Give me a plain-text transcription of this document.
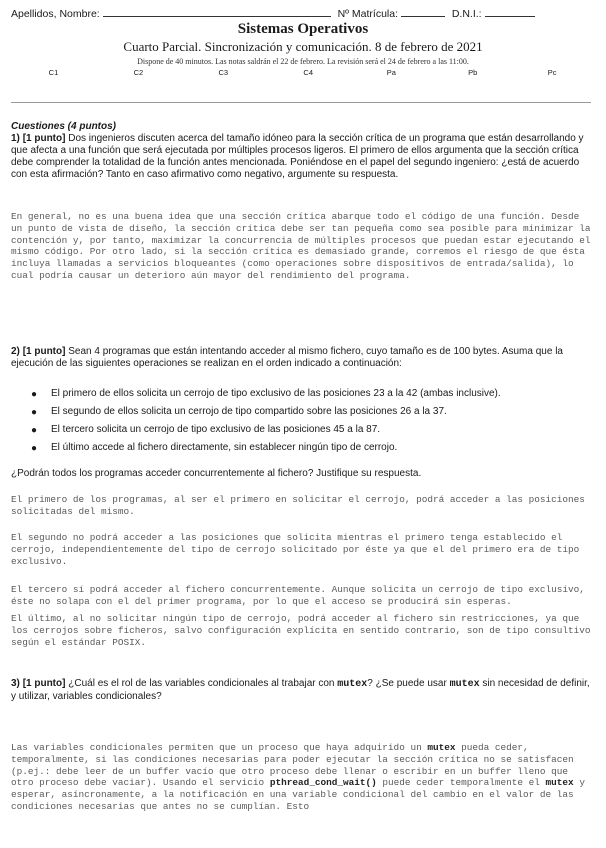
Apellidos, Nombre:	Nº Matrícula:	D.N.I.:
Sistemas Operativos
Cuarto Parcial. Sincronización y comunicación. 8 de febrero de 2021
Dispone de 40 minutos. Las notas saldrán el 22 de febrero. La revisión será el 24 de febrero a las 11:00.
C1	C2	C3	C4	Pa	Pb	Pc

Cuestiones (4 puntos)
1) [1 punto] Dos ingenieros discuten acerca del tamaño idóneo para la sección crítica de un programa que están desarrollando y que afecta a una función que será ejecutada por múltiples procesos ligeros. El primero de ellos argumenta que la sección crítica debe comprender la totalidad de la función antes mencionada. Poniéndose en el papel del segundo ingeniero: ¿está de acuerdo con esta afirmación? Tanto en caso afirmativo como negativo, argumente su respuesta.
En general, no es una buena idea que una sección crítica abarque todo el código de una función. Desde un punto de vista de diseño, la sección crítica debe ser tan pequeña como sea posible para minimizar la contención y, por tanto, maximizar la concurrencia de múltiples procesos que puedan estar ejecutando el mismo código. Por otro lado, si la sección crítica es demasiado grande, corremos el riesgo de que ésta incluya llamadas a servicios bloqueantes (como operaciones sobre dispositivos de entrada/salida), lo cual podría causar un deterioro aún mayor del rendimiento del programa.
2) [1 punto] Sean 4 programas que están intentando acceder al mismo fichero, cuyo tamaño es de 100 bytes. Asuma que la ejecución de las siguientes operaciones se realizan en el orden indicado a continuación:
● El primero de ellos solicita un cerrojo de tipo exclusivo de las posiciones 23 a la 42 (ambas inclusive).
● El segundo de ellos solicita un cerrojo de tipo compartido sobre las posiciones 26 a la 37.
● El tercero solicita un cerrojo de tipo exclusivo de las posiciones 45 a la 87.
● El último accede al fichero directamente, sin establecer ningún tipo de cerrojo.
¿Podrán todos los programas acceder concurrentemente al fichero? Justifique su respuesta.
El primero de los programas, al ser el primero en solicitar el cerrojo, podrá acceder a las posiciones solicitadas del mismo.
El segundo no podrá acceder a las posiciones que solicita mientras el primero tenga establecido el cerrojo, independientemente del tipo de cerrojo solicitado por éste ya que el del primero era de tipo exclusivo.
El tercero sí podrá acceder al fichero concurrentemente. Aunque solicita un cerrojo de tipo exclusivo, éste no solapa con el del primer programa, por lo que el acceso se producirá sin esperas.
El último, al no solicitar ningún tipo de cerrojo, podrá acceder al fichero sin restricciones, ya que los cerrojos sobre ficheros, salvo configuración explícita en sentido contrario, son de tipo consultivo según el estándar POSIX.
3) [1 punto] ¿Cuál es el rol de las variables condicionales al trabajar con mutex? ¿Se puede usar mutex sin necesidad de definir, y utilizar, variables condicionales?
Las variables condicionales permiten que un proceso que haya adquirido un mutex pueda ceder, temporalmente, si las condiciones necesarias para poder ejecutar la sección crítica no se satisfacen (p.ej.: debe leer de un buffer vacío que otro proceso debe llenar o escribir en un buffer lleno que otro proceso debe vaciar). Usando el servicio pthread_cond_wait() puede ceder temporalmente el mutex y esperar, asíncronamente, a la notificación en una variable condicional del cambio en el valor de las condiciones necesarias que antes no se cumplían. Esto
